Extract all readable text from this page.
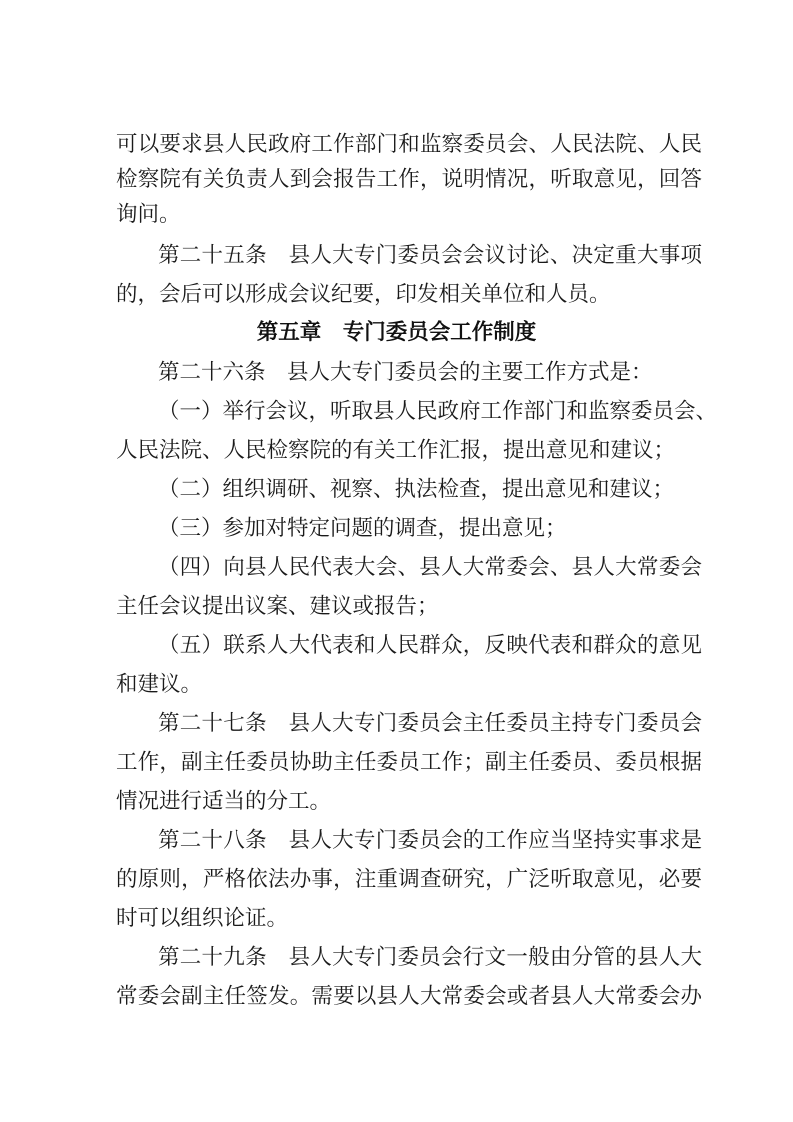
可以要求县人民政府工作部门和监察委员会、人民法院、人民
检察院有关负责人到会报告工作，说明情况，听取意见，回答
询问。
第二十五条　县人大专门委员会会议讨论、决定重大事项
的，会后可以形成会议纪要，印发相关单位和人员。
第五章　专门委员会工作制度
第二十六条　县人大专门委员会的主要工作方式是：
（一）举行会议，听取县人民政府工作部门和监察委员会、
人民法院、人民检察院的有关工作汇报，提出意见和建议；
（二）组织调研、视察、执法检查，提出意见和建议；
（三）参加对特定问题的调查，提出意见；
（四）向县人民代表大会、县人大常委会、县人大常委会
主任会议提出议案、建议或报告；
（五）联系人大代表和人民群众，反映代表和群众的意见
和建议。
第二十七条　县人大专门委员会主任委员主持专门委员会
工作，副主任委员协助主任委员工作；副主任委员、委员根据
情况进行适当的分工。
第二十八条　县人大专门委员会的工作应当坚持实事求是
的原则，严格依法办事，注重调查研究，广泛听取意见，必要
时可以组织论证。
第二十九条　县人大专门委员会行文一般由分管的县人大
常委会副主任签发。需要以县人大常委会或者县人大常委会办
